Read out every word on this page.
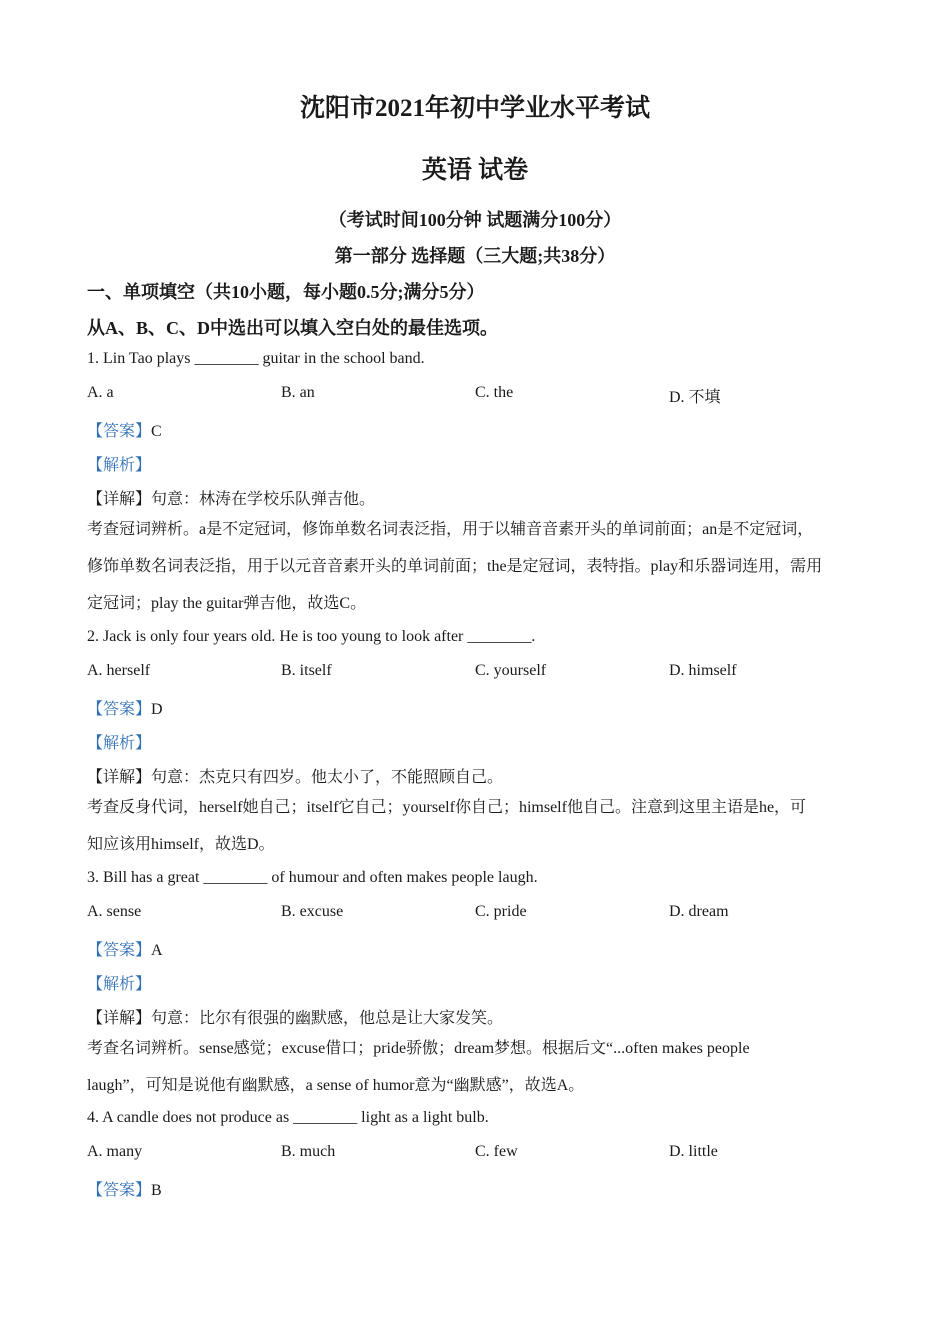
沈阳市2021年初中学业水平考试
英语 试卷
（考试时间100分钟 试题满分100分）
第一部分 选择题（三大题;共38分）
一、单项填空（共10小题，每小题0.5分;满分5分）
从A、B、C、D中选出可以填入空白处的最佳选项。
1. Lin Tao plays ________ guitar in the school band.
A. a	B. an	C. the	D. 不填
【答案】C
【解析】
【详解】句意：林涛在学校乐队弹吉他。
考查冠词辨析。a是不定冠词，修饰单数名词表泛指，用于以辅音音素开头的单词前面；an是不定冠词，
修饰单数名词表泛指，用于以元音音素开头的单词前面；the是定冠词，表特指。play和乐器词连用，需用
定冠词；play the guitar弹吉他，故选C。
2. Jack is only four years old. He is too young to look after ________.
A. herself	B. itself	C. yourself	D. himself
【答案】D
【解析】
【详解】句意：杰克只有四岁。他太小了，不能照顾自己。
考查反身代词，herself她自己；itself它自己；yourself你自己；himself他自己。注意到这里主语是he，可
知应该用himself，故选D。
3. Bill has a great ________ of humour and often makes people laugh.
A. sense	B. excuse	C. pride	D. dream
【答案】A
【解析】
【详解】句意：比尔有很强的幽默感，他总是让大家发笑。
考查名词辨析。sense感觉；excuse借口；pride骄傲；dream梦想。根据后文“...often makes people
laugh”，可知是说他有幽默感，a sense of humor意为“幽默感”，故选A。
4. A candle does not produce as ________ light as a light bulb.
A. many	B. much	C. few	D. little
【答案】B
